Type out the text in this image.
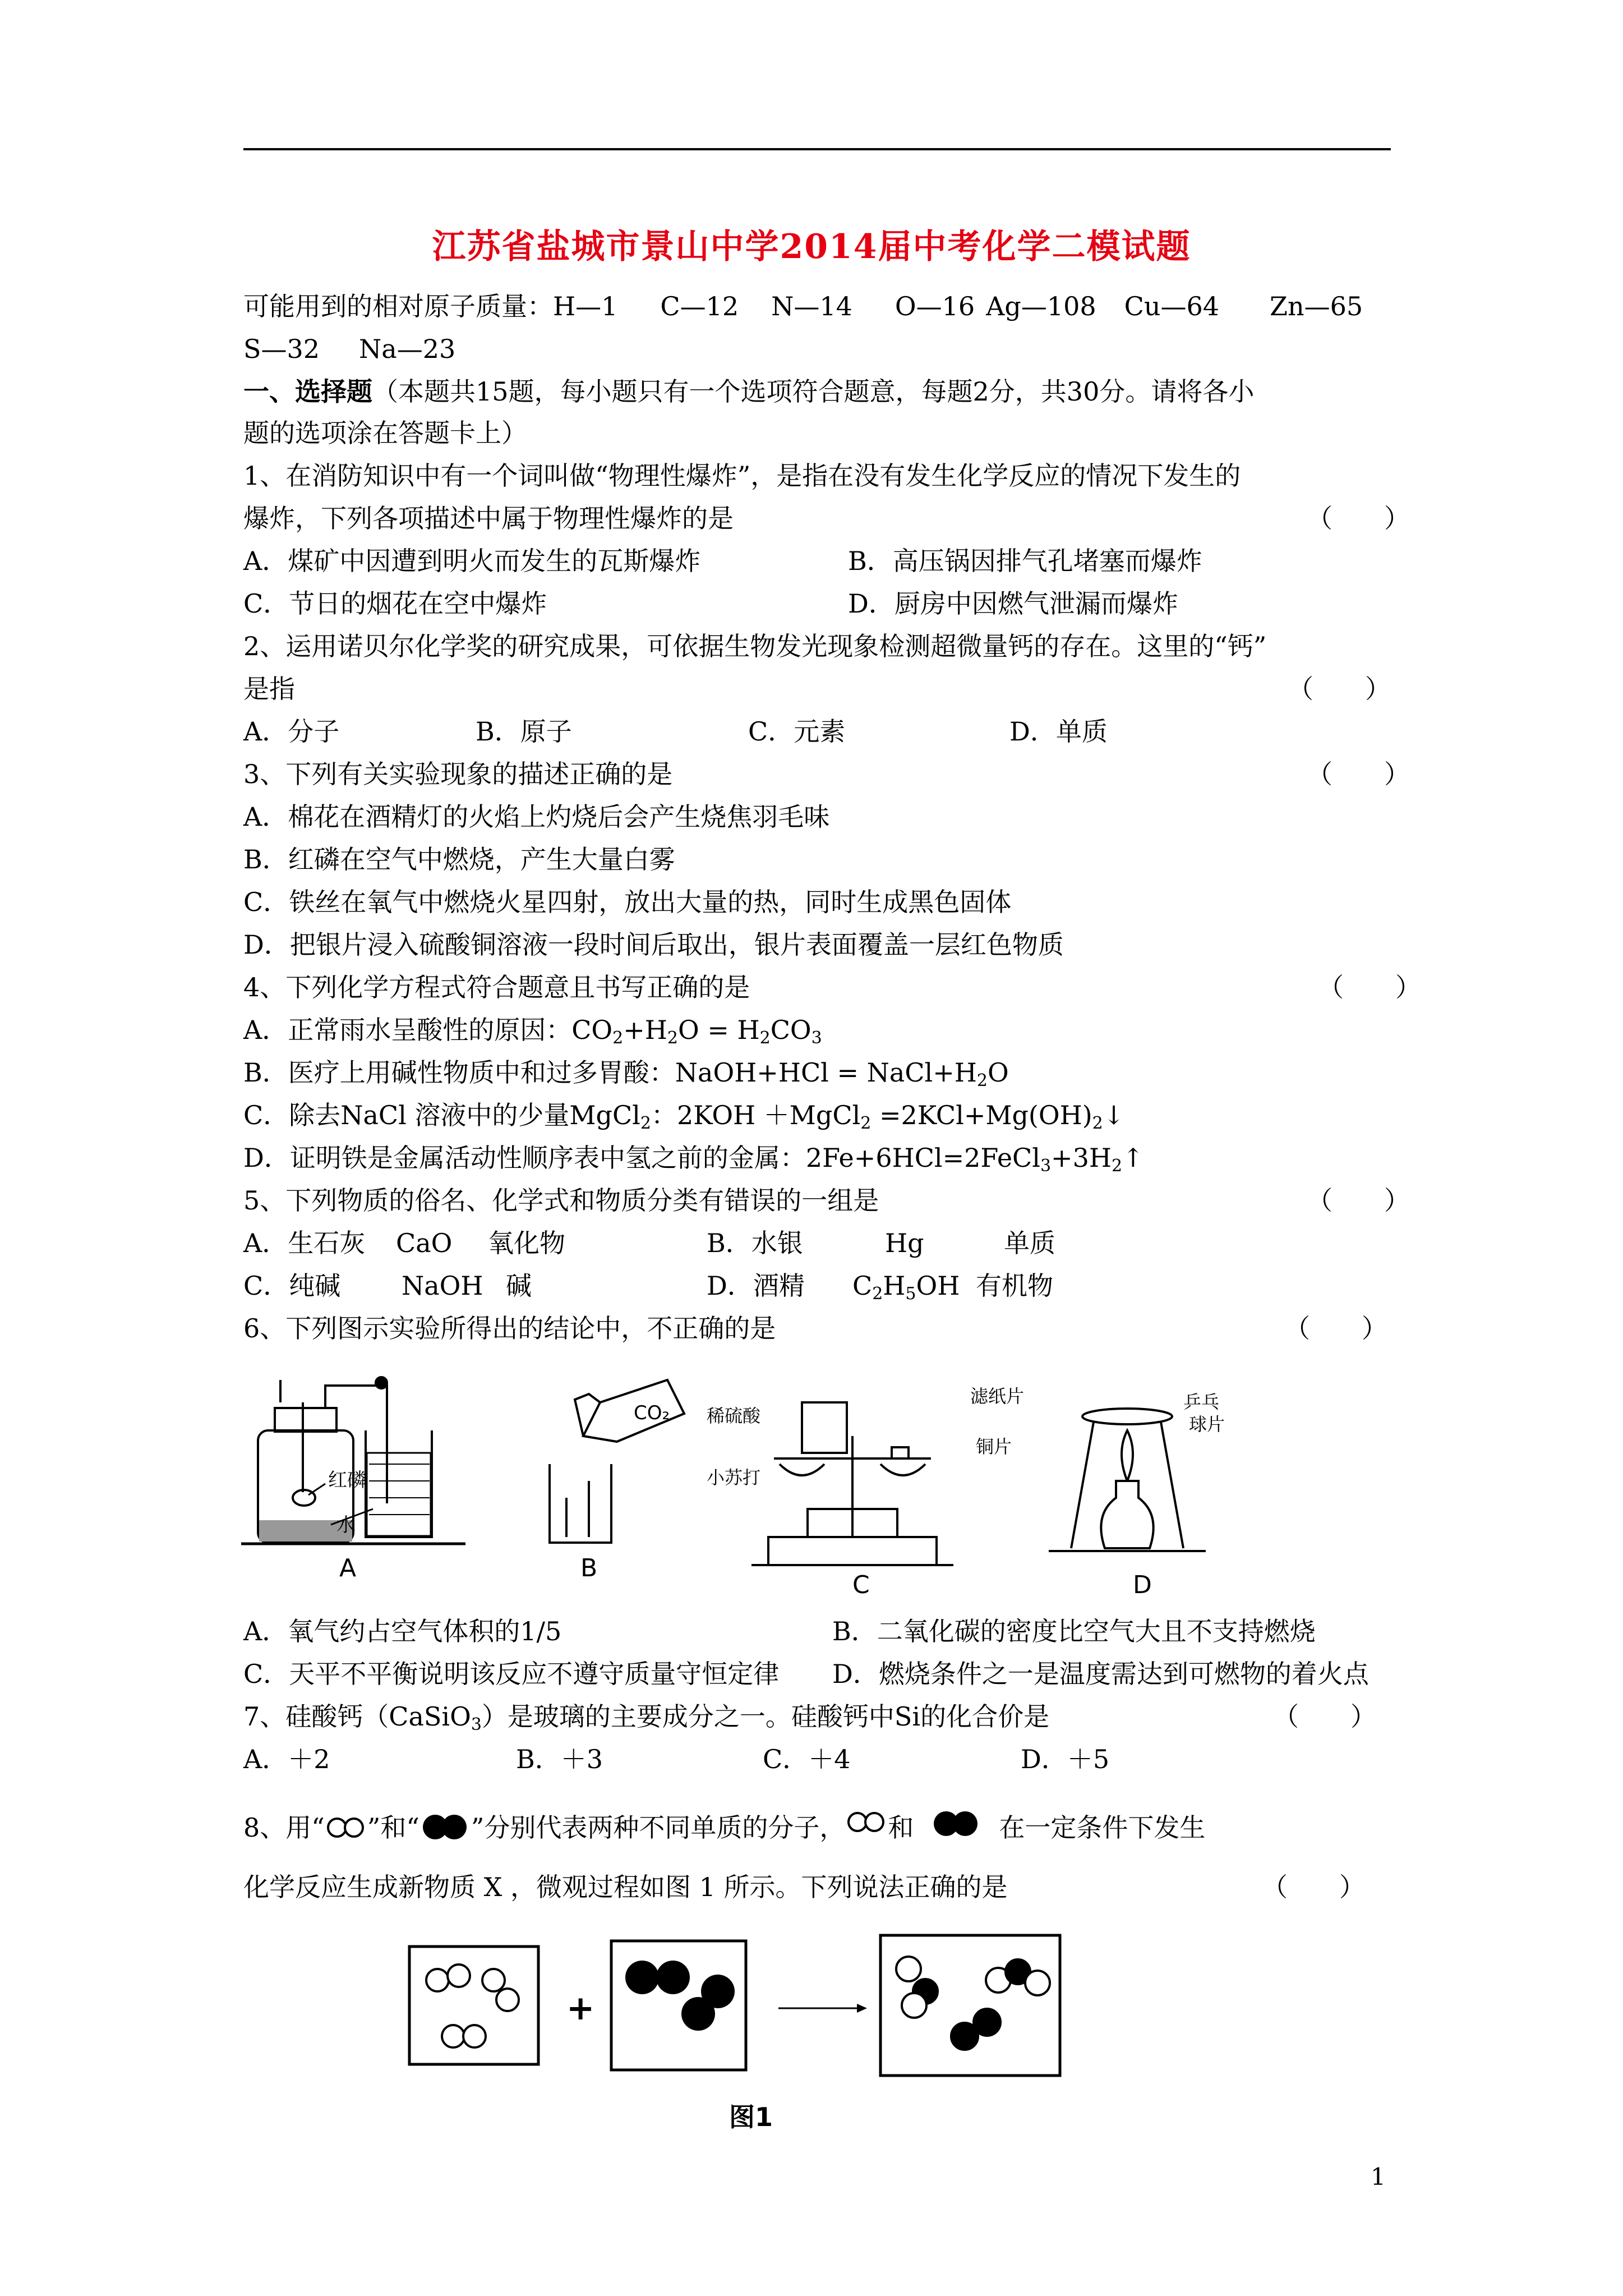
江苏省盐城市景山中学2014届中考化学二模试题
可能用到的相对原子质量：H—1 C—12 N—14 O—16 Ag—108 Cu—64 Zn—65
S—32 Na—23
一、选择题（本题共15题，每小题只有一个选项符合题意，每题2分，共30分。请将各小
题的选项涂在答题卡上）
1、在消防知识中有一个词叫做“物理性爆炸”，是指在没有发生化学反应的情况下发生的
爆炸，下列各项描述中属于物理性爆炸的是	（　　）
A．煤矿中因遭到明火而发生的瓦斯爆炸	B．高压锅因排气孔堵塞而爆炸
C．节日的烟花在空中爆炸	D．厨房中因燃气泄漏而爆炸
2、运用诺贝尔化学奖的研究成果，可依据生物发光现象检测超微量钙的存在。这里的“钙”
是指	（　　）
A．分子	B．原子	C．元素	D．单质
3、下列有关实验现象的描述正确的是	（　　）
A．棉花在酒精灯的火焰上灼烧后会产生烧焦羽毛味
B．红磷在空气中燃烧，产生大量白雾
C．铁丝在氧气中燃烧火星四射，放出大量的热，同时生成黑色固体
D．把银片浸入硫酸铜溶液一段时间后取出，银片表面覆盖一层红色物质
4、下列化学方程式符合题意且书写正确的是	（　　）
A．正常雨水呈酸性的原因：$CO_2+H_2O = H_2CO_3$
B．医疗上用碱性物质中和过多胃酸：NaOH+HCl = $NaCl+H_2O$
C．除去NaCl 溶液中的少量MgCl$_2$：2KOH ＋MgCl$_2$ $=2KCl+Mg(OH)_2↓$
D．证明铁是金属活动性顺序表中氢之前的金属：$2Fe+6HCl=2FeCl_3+3H_2↑$
5、下列物质的俗名、化学式和物质分类有错误的一组是	（　　）
A．生石灰 CaO 氧化物	B．水银	Hg	单质
C．纯碱 NaOH 碱	D．酒精 $C_2H_5OH$ 有机物
6、下列图示实验所得出的结论中，不正确的是	（　　）
A	B
C	D
红磷
水
CO₂ 稀硫酸
小苏打
滤纸片
铜片
乒乓
球片
A．氧气约占空气体积的1/5	B．二氧化碳的密度比空气大且不支持燃烧
C．天平不平衡说明该反应不遵守质量守恒定律 D．燃烧条件之一是温度需达到可燃物的着火点
7、硅酸钙（CaSiO$_3$）是玻璃的主要成分之一。硅酸钙中Si的化合价是	（　　）
A．＋2	B．＋3	C．＋4	D．＋5
8、用“ ”和“ ”分别代表两种不同单质的分子， 和	在一定条件下发生
化学反应生成新物质 X ，微观过程如图 1 所示。下列说法正确的是	（　　）
+
图1
1
